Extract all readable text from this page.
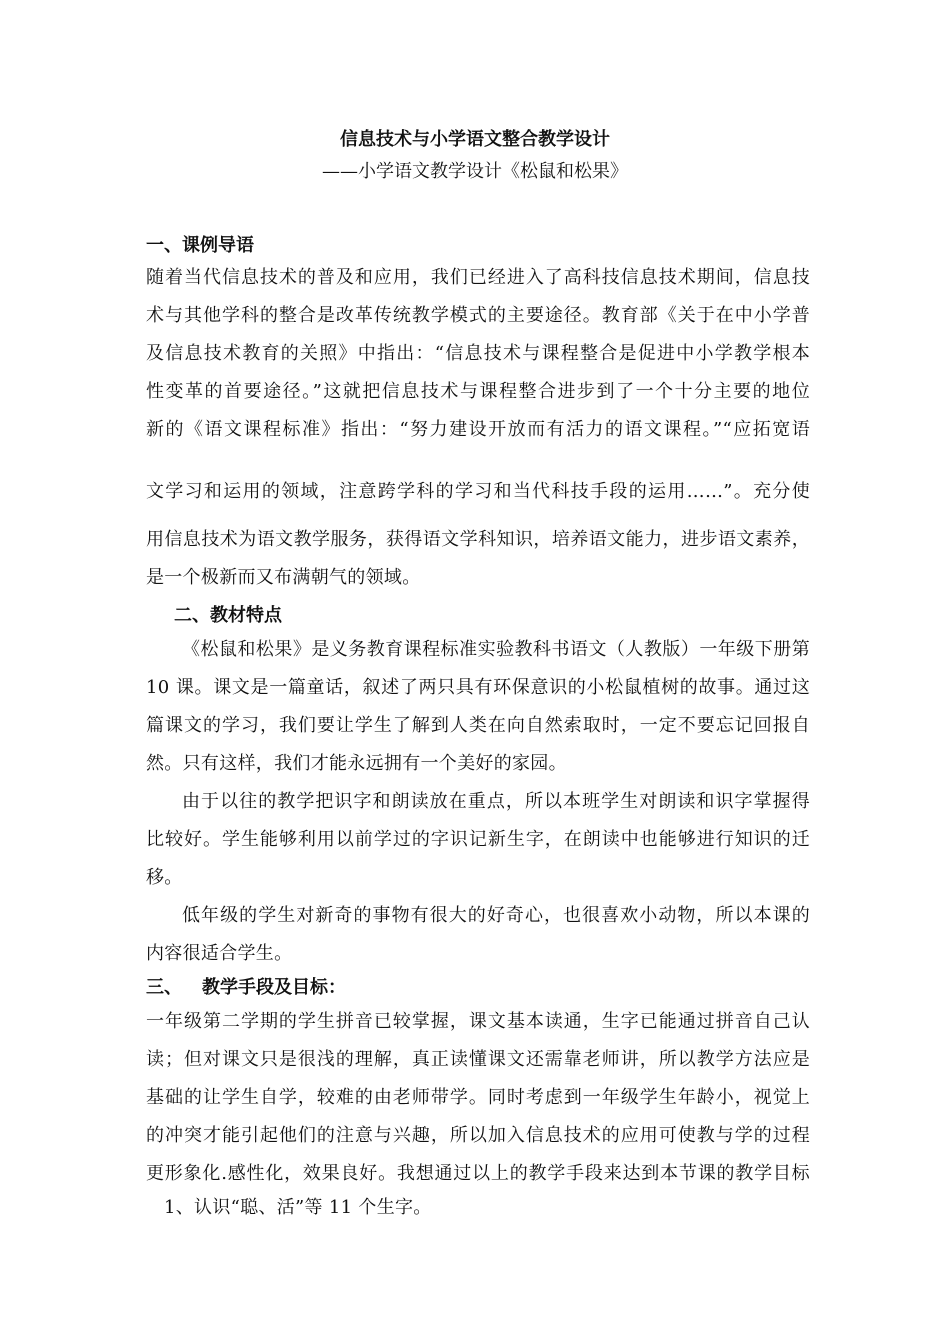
信息技术与小学语文整合教学设计
——小学语文教学设计《松鼠和松果》
一、课例导语
随着当代信息技术的普及和应用，我们已经进入了高科技信息技术期间，信息技
术与其他学科的整合是改革传统教学模式的主要途径。教育部《关于在中小学普
及信息技术教育的关照》中指出：“信息技术与课程整合是促进中小学教学根本
性变革的首要途径。”这就把信息技术与课程整合进步到了一个十分主要的地位
新的《语文课程标准》指出：“努力建设开放而有活力的语文课程。”“应拓宽语
文学习和运用的领域，注意跨学科的学习和当代科技手段的运用……”。充分使
用信息技术为语文教学服务，获得语文学科知识，培养语文能力，进步语文素养，
是一个极新而又布满朝气的领域。
二、教材特点
《松鼠和松果》是义务教育课程标准实验教科书语文（人教版）一年级下册第
10 课。课文是一篇童话，叙述了两只具有环保意识的小松鼠植树的故事。通过这
篇课文的学习，我们要让学生了解到人类在向自然索取时，一定不要忘记回报自
然。只有这样，我们才能永远拥有一个美好的家园。
由于以往的教学把识字和朗读放在重点，所以本班学生对朗读和识字掌握得
比较好。学生能够利用以前学过的字识记新生字，在朗读中也能够进行知识的迁
移。
低年级的学生对新奇的事物有很大的好奇心，也很喜欢小动物，所以本课的
内容很适合学生。
三、 教学手段及目标：
一年级第二学期的学生拼音已较掌握，课文基本读通，生字已能通过拼音自己认
读；但对课文只是很浅的理解，真正读懂课文还需靠老师讲，所以教学方法应是
基础的让学生自学，较难的由老师带学。同时考虑到一年级学生年龄小，视觉上
的冲突才能引起他们的注意与兴趣，所以加入信息技术的应用可使教与学的过程
更形象化.感性化，效果良好。我想通过以上的教学手段来达到本节课的教学目标
1、认识“聪、活”等 11 个生字。
